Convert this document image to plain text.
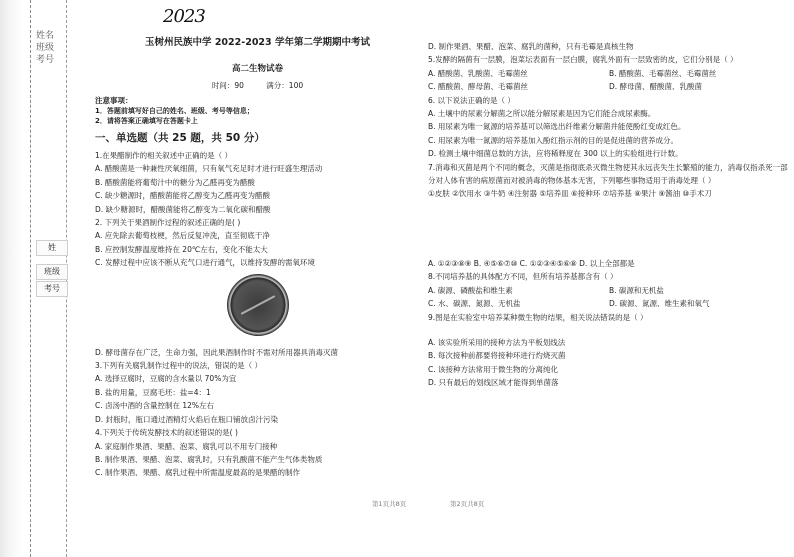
姓名班级考号
姓
班级
考号
2023
玉树州民族中学 2022-2023 学年第二学期期中考试
高二生物试卷
时间：90	满分：100
注意事项：
1．答题前填写好自己的姓名、班级、考号等信息；
2．请将答案正确填写在答题卡上
一、单选题（共 25 题，共 50 分）
1.在果醋制作的相关叙述中正确的是（ ）
A. 醋酸菌是一种兼性厌氧细菌，只有氧气充足时才进行旺盛生理活动
B. 醋酸菌能将葡萄汁中的糖分为乙醛再变为醋酸
C. 缺少糖源时，醋酸菌能将乙醇变为乙醛再变为醋酸
D. 缺少糖源时，醋酸菌能将乙醇变为二氧化碳和醋酸
2. 下列关于果酒制作过程的叙述正确的是( )
A. 应先除去葡萄枝梗，然后反复冲洗，直至彻底干净
B. 应控制发酵温度维持在 20℃左右，变化不能太大
C. 发酵过程中应该不断从充气口进行通气，以维持发酵的需氧环境
D. 酵母菌存在广泛，生命力强，因此果酒制作时不需对所用器具消毒灭菌
3.下列有关腐乳制作过程中的说法，错误的是（ ）
A. 选择豆腐时，豆腐的含水量以 70%为宜
B. 盐的用量，豆腐毛坯：盐=4：1
C. 卤汤中酒的含量控制在 12%左右
D. 封瓶时，瓶口通过酒精灯火焰后在瓶口铺放卤汁污染
4.下列关于传统发酵技术的叙述错误的是( )
A. 家庭制作果酒、果醋、泡菜、腐乳可以不用专门接种
B. 制作果酒、果醋、泡菜、腐乳时，只有乳酸菌不能产生气体类物质
C. 制作果酒、果醋、腐乳过程中所需温度最高的是果醋的制作
D. 制作果酒、果醋、泡菜、腐乳的菌种，只有毛霉是真核生物
5.发酵的隔菌有一层膜，泡菜坛表面有一层白膜，腐乳外面有一层致密的皮，它们分别是（ ）
A. 醋酸菌、乳酸菌、毛霉菌丝	B. 醋酸菌、毛霉菌丝、毛霉菌丝
C. 醋酸菌、酵母菌、毛霉菌丝	D. 酵母菌、醋酸菌、乳酸菌
6. 以下说法正确的是（ ）
A. 土壤中的尿素分解菌之所以能分解尿素是因为它们能合成尿素酶。
B. 用尿素为唯一氮源的培养基可以筛选出纤维素分解菌并能使酚红变成红色。
C. 用尿素为唯一氮源的培养基加入酚红指示剂的目的是促进菌的营养成分。
D. 检测土壤中细菌总数的方法，应将稀释度在 300 以上的实验组进行计数。
7.消毒和灭菌是两个不同的概念，灭菌是指彻底杀灭微生物使其永远丧失生长繁殖的能力，消毒仅指杀死一部分对人体有害的病原菌而对被消毒的物体基本无害，下列哪些事物适用于消毒处理（ ）
①皮肤 ②饮用水 ③牛奶 ④注射器 ⑤培养皿 ⑥接种环 ⑦培养基 ⑧果汁 ⑨酱油 ⑩手术刀
A. ①②③⑧⑨ B. ④⑤⑥⑦⑩ C. ①②③④⑤⑥⑧ D. 以上全部都是
8.不同培养基的具体配方不同，但所有培养基都含有（ ）
A. 碳源、磷酸盐和维生素	B. 碳源和无机盐
C. 水、碳源、氮源、无机盐	D. 碳源、氮源、维生素和氧气
9.图是在实验室中培养某种微生物的结果，相关说法错误的是（ ）
A. 该实验所采用的接种方法为平板划线法
B. 每次接种前都要将接种环进行灼烧灭菌
C. 该接种方法常用于微生物的分离纯化
D. 只有最后的划线区域才能得到单菌落
第1页共8页	第2页共8页
